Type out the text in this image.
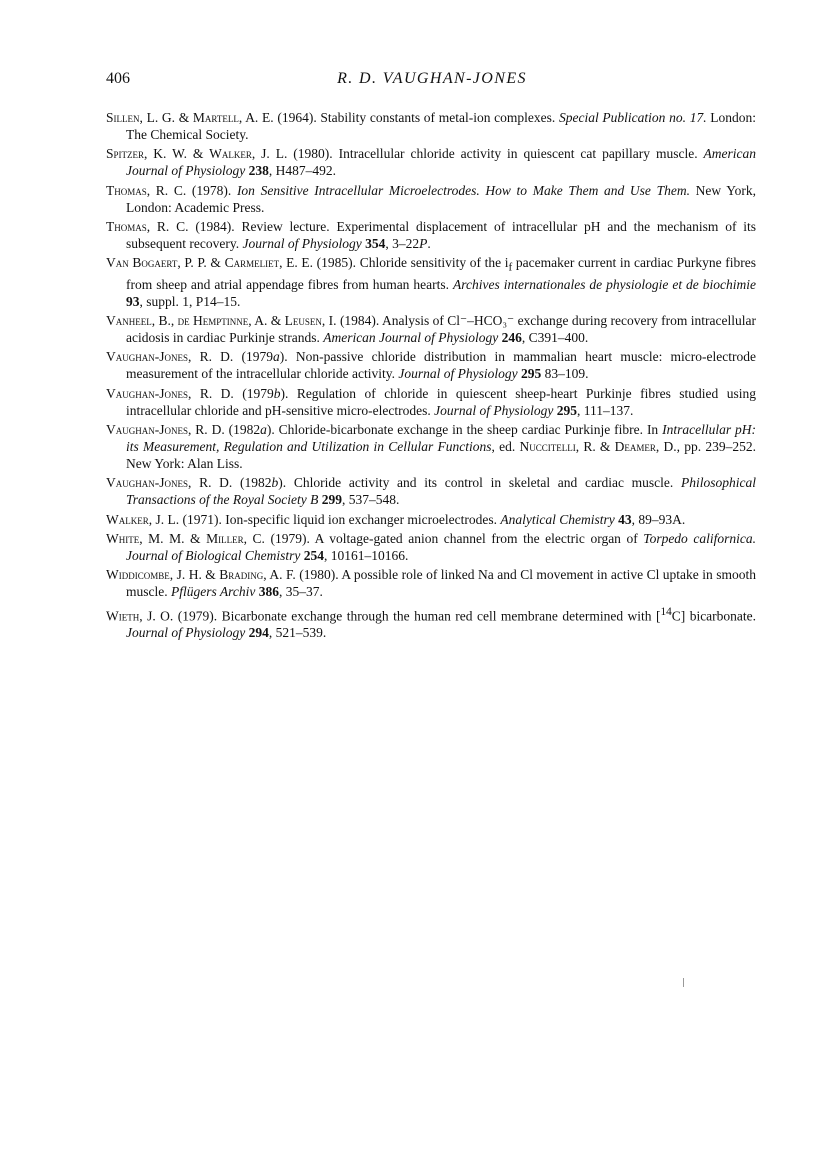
406	R. D. VAUGHAN-JONES

Sillen, L. G. & Martell, A. E. (1964). Stability constants of metal-ion complexes. Special Publication no. 17. London: The Chemical Society.

Spitzer, K. W. & Walker, J. L. (1980). Intracellular chloride activity in quiescent cat papillary muscle. American Journal of Physiology 238, H487–492.

Thomas, R. C. (1978). Ion Sensitive Intracellular Microelectrodes. How to Make Them and Use Them. New York, London: Academic Press.

Thomas, R. C. (1984). Review lecture. Experimental displacement of intracellular pH and the mechanism of its subsequent recovery. Journal of Physiology 354, 3–22P.

Van Bogaert, P. P. & Carmeliet, E. E. (1985). Chloride sensitivity of the $i_f$ pacemaker current in cardiac Purkyne fibres from sheep and atrial appendage fibres from human hearts. Archives internationales de physiologie et de biochimie 93, suppl. 1, P14–15.

Vanheel, B., de Hemptinne, A. & Leusen, I. (1984). Analysis of Cl⁻–HCO₃⁻ exchange during recovery from intracellular acidosis in cardiac Purkinje strands. American Journal of Physiology 246, C391–400.

Vaughan-Jones, R. D. (1979a). Non-passive chloride distribution in mammalian heart muscle: micro-electrode measurement of the intracellular chloride activity. Journal of Physiology 295 83–109.

Vaughan-Jones, R. D. (1979b). Regulation of chloride in quiescent sheep-heart Purkinje fibres studied using intracellular chloride and pH-sensitive micro-electrodes. Journal of Physiology 295, 111–137.

Vaughan-Jones, R. D. (1982a). Chloride-bicarbonate exchange in the sheep cardiac Purkinje fibre. In Intracellular pH: its Measurement, Regulation and Utilization in Cellular Functions, ed. Nuccitelli, R. & Deamer, D., pp. 239–252. New York: Alan Liss.

Vaughan-Jones, R. D. (1982b). Chloride activity and its control in skeletal and cardiac muscle. Philosophical Transactions of the Royal Society B 299, 537–548.

Walker, J. L. (1971). Ion-specific liquid ion exchanger microelectrodes. Analytical Chemistry 43, 89–93A.

White, M. M. & Miller, C. (1979). A voltage-gated anion channel from the electric organ of Torpedo californica. Journal of Biological Chemistry 254, 10161–10166.

Widdicombe, J. H. & Brading, A. F. (1980). A possible role of linked Na and Cl movement in active Cl uptake in smooth muscle. Pflügers Archiv 386, 35–37.

Wieth, J. O. (1979). Bicarbonate exchange through the human red cell membrane determined with [$^{14}$C] bicarbonate. Journal of Physiology 294, 521–539.
